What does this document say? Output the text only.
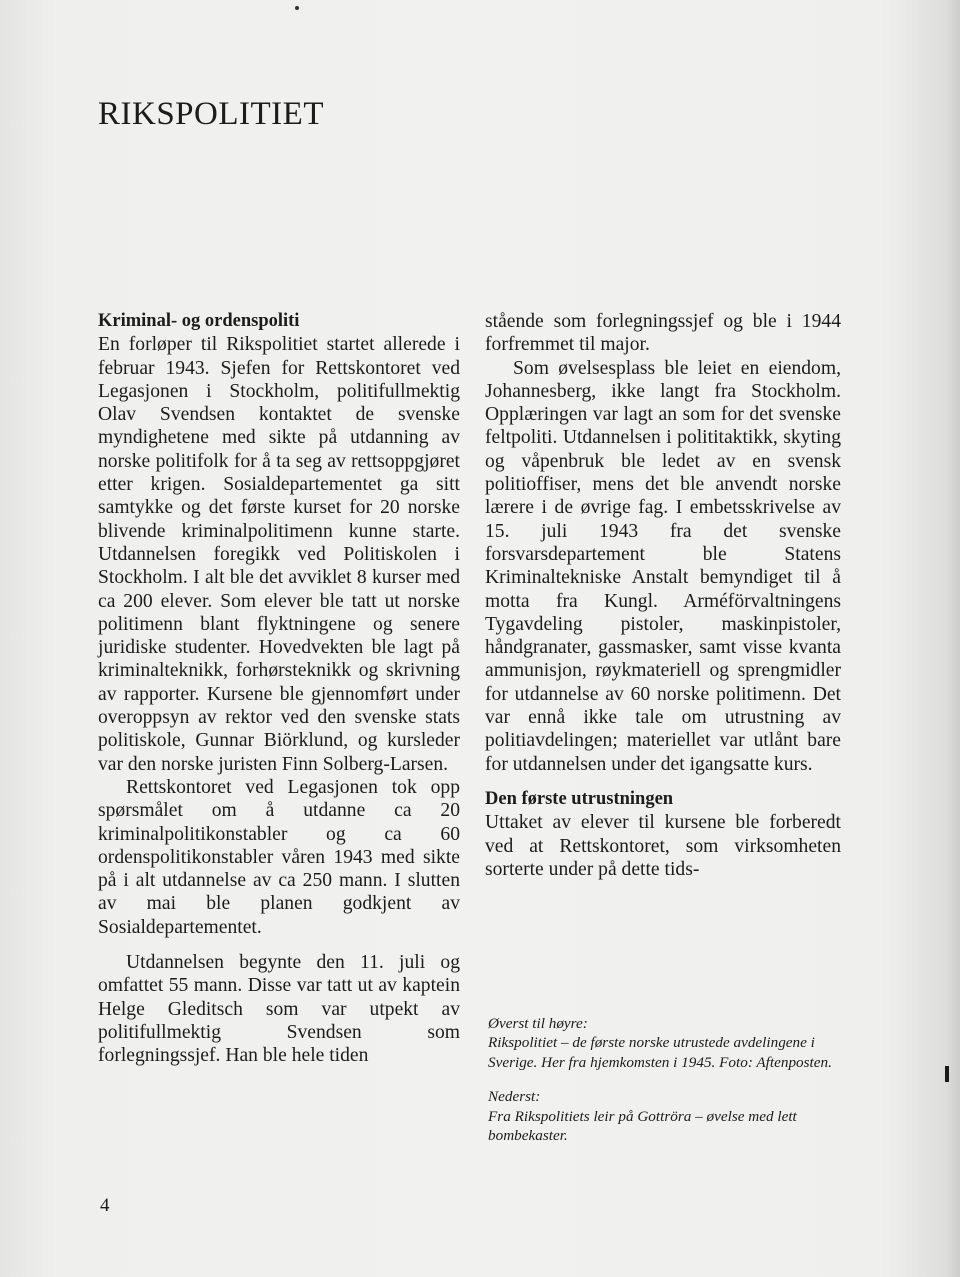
RIKSPOLITIET
Kriminal- og ordenspoliti

En forløper til Rikspolitiet startet allerede i februar 1943. Sjefen for Rettskontoret ved Legasjonen i Stockholm, politifullmektig Olav Svendsen kontaktet de svenske myndighetene med sikte på utdanning av norske politifolk for å ta seg av rettsoppgjøret etter krigen. Sosialdepartementet ga sitt samtykke og det første kurset for 20 norske blivende kriminalpolitimenn kunne starte. Utdannelsen foregikk ved Politiskolen i Stockholm. I alt ble det avviklet 8 kurser med ca 200 elever. Som elever ble tatt ut norske politimenn blant flyktningene og senere juridiske studenter. Hovedvekten ble lagt på kriminalteknikk, forhørsteknikk og skrivning av rapporter. Kursene ble gjennomført under overoppsyn av rektor ved den svenske stats politiskole, Gunnar Biörklund, og kursleder var den norske juristen Finn Solberg-Larsen.

Rettskontoret ved Legasjonen tok opp spørsmålet om å utdanne ca 20 kriminalpolitikonstabler og ca 60 ordenspolitikonstabler våren 1943 med sikte på i alt utdannelse av ca 250 mann. I slutten av mai ble planen godkjent av Sosialdepartementet.

Utdannelsen begynte den 11. juli og omfattet 55 mann. Disse var tatt ut av kaptein Helge Gleditsch som var utpekt av politifullmektig Svendsen som forlegningssjef. Han ble hele tiden

stående som forlegningssjef og ble i 1944 forfremmet til major.

Som øvelsesplass ble leiet en eiendom, Johannesberg, ikke langt fra Stockholm. Opplæringen var lagt an som for det svenske feltpoliti. Utdannelsen i polititaktikk, skyting og våpenbruk ble ledet av en svensk politioffiser, mens det ble anvendt norske lærere i de øvrige fag. I embetsskrivelse av 15. juli 1943 fra det svenske forsvarsdepartement ble Statens Kriminaltekniske Anstalt bemyndiget til å motta fra Kungl. Arméförvaltningens Tygavdeling pistoler, maskinpistoler, håndgranater, gassmasker, samt visse kvanta ammunisjon, røykmateriell og sprengmidler for utdannelse av 60 norske politimenn. Det var ennå ikke tale om utrustning av politiavdelingen; materiellet var utlånt bare for utdannelsen under det igangsatte kurs.

Den første utrustningen

Uttaket av elever til kursene ble forberedt ved at Rettskontoret, som virksomheten sorterte under på dette tids-

Øverst til høyre:

Rikspolitiet – de første norske utrustede avdelingene i Sverige. Her fra hjemkomsten i 1945. Foto: Aftenposten.

Nederst:

Fra Rikspolitiets leir på Gottröra – øvelse med lett bombekaster.

4
